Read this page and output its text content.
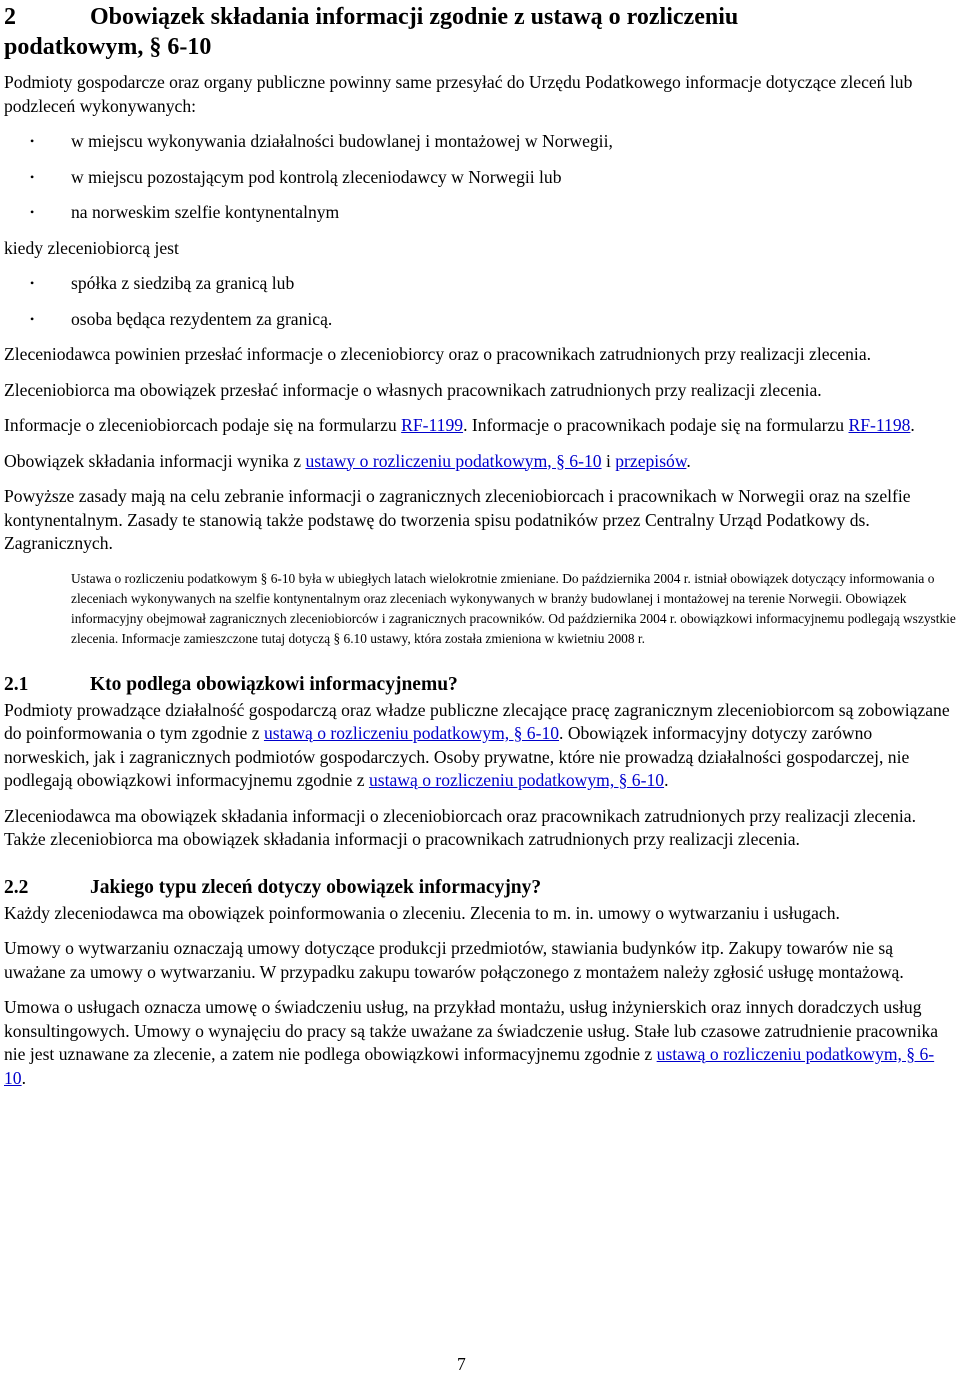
2	Obowiązek składania informacji zgodnie z ustawą o rozliczeniu
podatkowym, § 6-10

Podmioty gospodarcze oraz organy publiczne powinny same przesyłać do Urzędu Podatkowego informacje dotyczące zleceń lub podzleceń wykonywanych:

• w miejscu wykonywania działalności budowlanej i montażowej w Norwegii,
• w miejscu pozostającym pod kontrolą zleceniodawcy w Norwegii lub
• na norweskim szelfie kontynentalnym

kiedy zleceniobiorcą jest

• spółka z siedzibą za granicą lub
• osoba będąca rezydentem za granicą.

Zleceniodawca powinien przesłać informacje o zleceniobiorcy oraz o pracownikach zatrudnionych przy realizacji zlecenia.

Zleceniobiorca ma obowiązek przesłać informacje o własnych pracownikach zatrudnionych przy realizacji zlecenia.

Informacje o zleceniobiorcach podaje się na formularzu RF-1199. Informacje o pracownikach podaje się na formularzu RF-1198.

Obowiązek składania informacji wynika z ustawy o rozliczeniu podatkowym, § 6-10 i przepisów.

Powyższe zasady mają na celu zebranie informacji o zagranicznych zleceniobiorcach i pracownikach w Norwegii oraz na szelfie kontynentalnym. Zasady te stanowią także podstawę do tworzenia spisu podatników przez Centralny Urząd Podatkowy ds. Zagranicznych.

Ustawa o rozliczeniu podatkowym § 6-10 była w ubiegłych latach wielokrotnie zmieniane. Do października 2004 r. istniał obowiązek dotyczący informowania o zleceniach wykonywanych na szelfie kontynentalnym oraz zleceniach wykonywanych w branży budowlanej i montażowej na terenie Norwegii. Obowiązek informacyjny obejmował zagranicznych zleceniobiorców i zagranicznych pracowników. Od października 2004 r. obowiązkowi informacyjnemu podlegają wszystkie zlecenia. Informacje zamieszczone tutaj dotyczą § 6.10 ustawy, która została zmieniona w kwietniu 2008 r.

2.1	Kto podlega obowiązkowi informacyjnemu?

Podmioty prowadzące działalność gospodarczą oraz władze publiczne zlecające pracę zagranicznym zleceniobiorcom są zobowiązane do poinformowania o tym zgodnie z ustawą o rozliczeniu podatkowym, § 6-10. Obowiązek informacyjny dotyczy zarówno norweskich, jak i zagranicznych podmiotów gospodarczych. Osoby prywatne, które nie prowadzą działalności gospodarczej, nie podlegają obowiązkowi informacyjnemu zgodnie z ustawą o rozliczeniu podatkowym, § 6-10.

Zleceniodawca ma obowiązek składania informacji o zleceniobiorcach oraz pracownikach zatrudnionych przy realizacji zlecenia. Także zleceniobiorca ma obowiązek składania informacji o pracownikach zatrudnionych przy realizacji zlecenia.

2.2	Jakiego typu zleceń dotyczy obowiązek informacyjny?

Każdy zleceniodawca ma obowiązek poinformowania o zleceniu. Zlecenia to m. in. umowy o wytwarzaniu i usługach.

Umowy o wytwarzaniu oznaczają umowy dotyczące produkcji przedmiotów, stawiania budynków itp. Zakupy towarów nie są uważane za umowy o wytwarzaniu. W przypadku zakupu towarów połączonego z montażem należy zgłosić usługę montażową.

Umowa o usługach oznacza umowę o świadczeniu usług, na przykład montażu, usług inżynierskich oraz innych doradczych usług konsultingowych. Umowy o wynajęciu do pracy są także uważane za świadczenie usług. Stałe lub czasowe zatrudnienie pracownika nie jest uznawane za zlecenie, a zatem nie podlega obowiązkowi informacyjnemu zgodnie z ustawą o rozliczeniu podatkowym, § 6-10.

7
